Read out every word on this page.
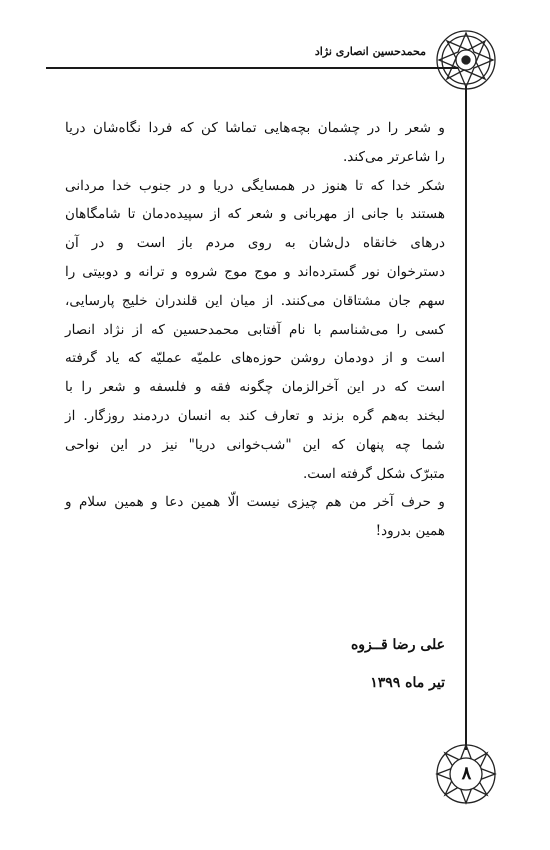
محمدحسین انصاری نژاد
و شعر را در چشمان بچه‌هایی تماشا کن که فردا نگاه‌شان دریا
را شاعرتر می‌کند.
شکر خدا که تا هنوز در همسایگی دریا و در جنوب خدا مردانی
هستند با جانی از مهربانی و شعر که از سپیده‌دمان تا شامگاهان
درهای خانقاه دل‌شان به روی مردم باز است و در آن
دسترخوان نور گسترده‌اند و موج موج شروه و ترانه و دوبیتی را
سهم جان مشتاقان می‌کنند. از میان این قلندران خلیج پارسایی،
کسی را می‌شناسم با نام آفتابی محمدحسین که از نژاد انصار
است و از دودمان روشن حوزه‌های علمیّه عملیّه که یاد گرفته
است که در این آخرالزمان چگونه فقه و فلسفه و شعر را با
لبخند به‌هم گره بزند و تعارف کند به انسان دردمند روزگار. از
شما چه پنهان که این "شب‌خوانی دریا" نیز در این نواحی
متبرّک شکل گرفته است.
و حرف آخر من هم چیزی نیست الّا همین دعا و همین سلام و
همین بدرود!
علی رضا قــزوه
تیر ماه ۱۳۹۹
۸
